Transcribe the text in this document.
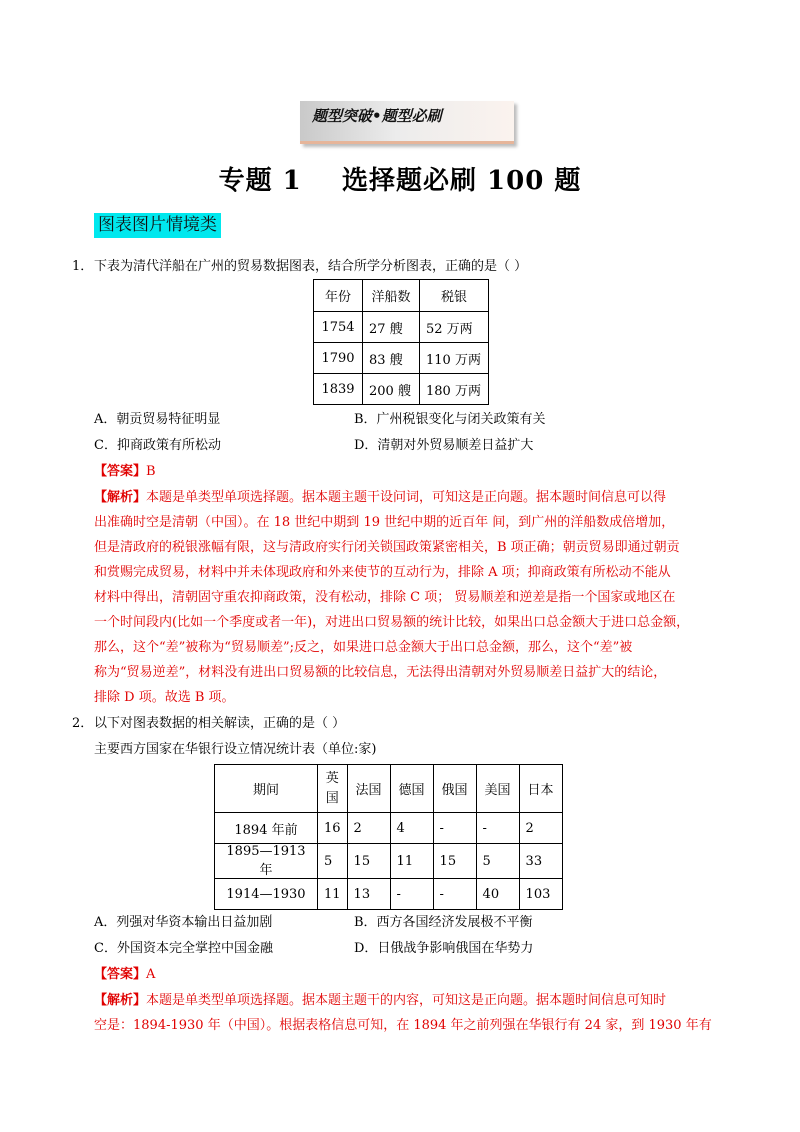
题型突破•题型必刷
专题 1    选择题必刷 100 题
图表图片情境类
1． 下表为清代洋船在广州的贸易数据图表，结合所学分析图表，正确的是（ ）
年份	洋船数	税银
1754	27 艘	52 万两
1790	83 艘	110 万两
1839	200 艘	180 万两
A．朝贡贸易特征明显	B．广州税银变化与闭关政策有关
C．抑商政策有所松动	D．清朝对外贸易顺差日益扩大
【答案】B
【解析】本题是单类型单项选择题。据本题主题干设问词，可知这是正向题。据本题时间信息可以得
出准确时空是清朝（中国）。在 18 世纪中期到 19 世纪中期的近百年 间，到广州的洋船数成倍增加，
但是清政府的税银涨幅有限，这与清政府实行闭关锁国政策紧密相关，B 项正确；朝贡贸易即通过朝贡
和赏赐完成贸易，材料中并未体现政府和外来使节的互动行为，排除 A 项；抑商政策有所松动不能从
材料中得出，清朝固守重农抑商政策，没有松动，排除 C 项； 贸易顺差和逆差是指一个国家或地区在
一个时间段内(比如一个季度或者一年)，对进出口贸易额的统计比较，如果出口总金额大于进口总金额，
那么，这个“差”被称为“贸易顺差”;反之，如果进口总金额大于出口总金额，那么，这个“差”被
称为“贸易逆差”，材料没有进出口贸易额的比较信息，无法得出清朝对外贸易顺差日益扩大的结论，
排除 D 项。故选 B 项。
2． 以下对图表数据的相关解读，正确的是（ ）
主要西方国家在华银行设立情况统计表（单位:家)
期间	英国	法国	德国	俄国	美国	日本
1894 年前	16	2	4	-	-	2
1895—1913 年	5	15	11	15	5	33
1914—1930	11	13	-	-	40	103
A．列强对华资本输出日益加剧	B．西方各国经济发展极不平衡
C．外国资本完全掌控中国金融	D．日俄战争影响俄国在华势力
【答案】A
【解析】本题是单类型单项选择题。据本题主题干的内容，可知这是正向题。据本题时间信息可知时
空是：1894-1930 年（中国）。根据表格信息可知，在 1894 年之前列强在华银行有 24 家，到 1930 年有
